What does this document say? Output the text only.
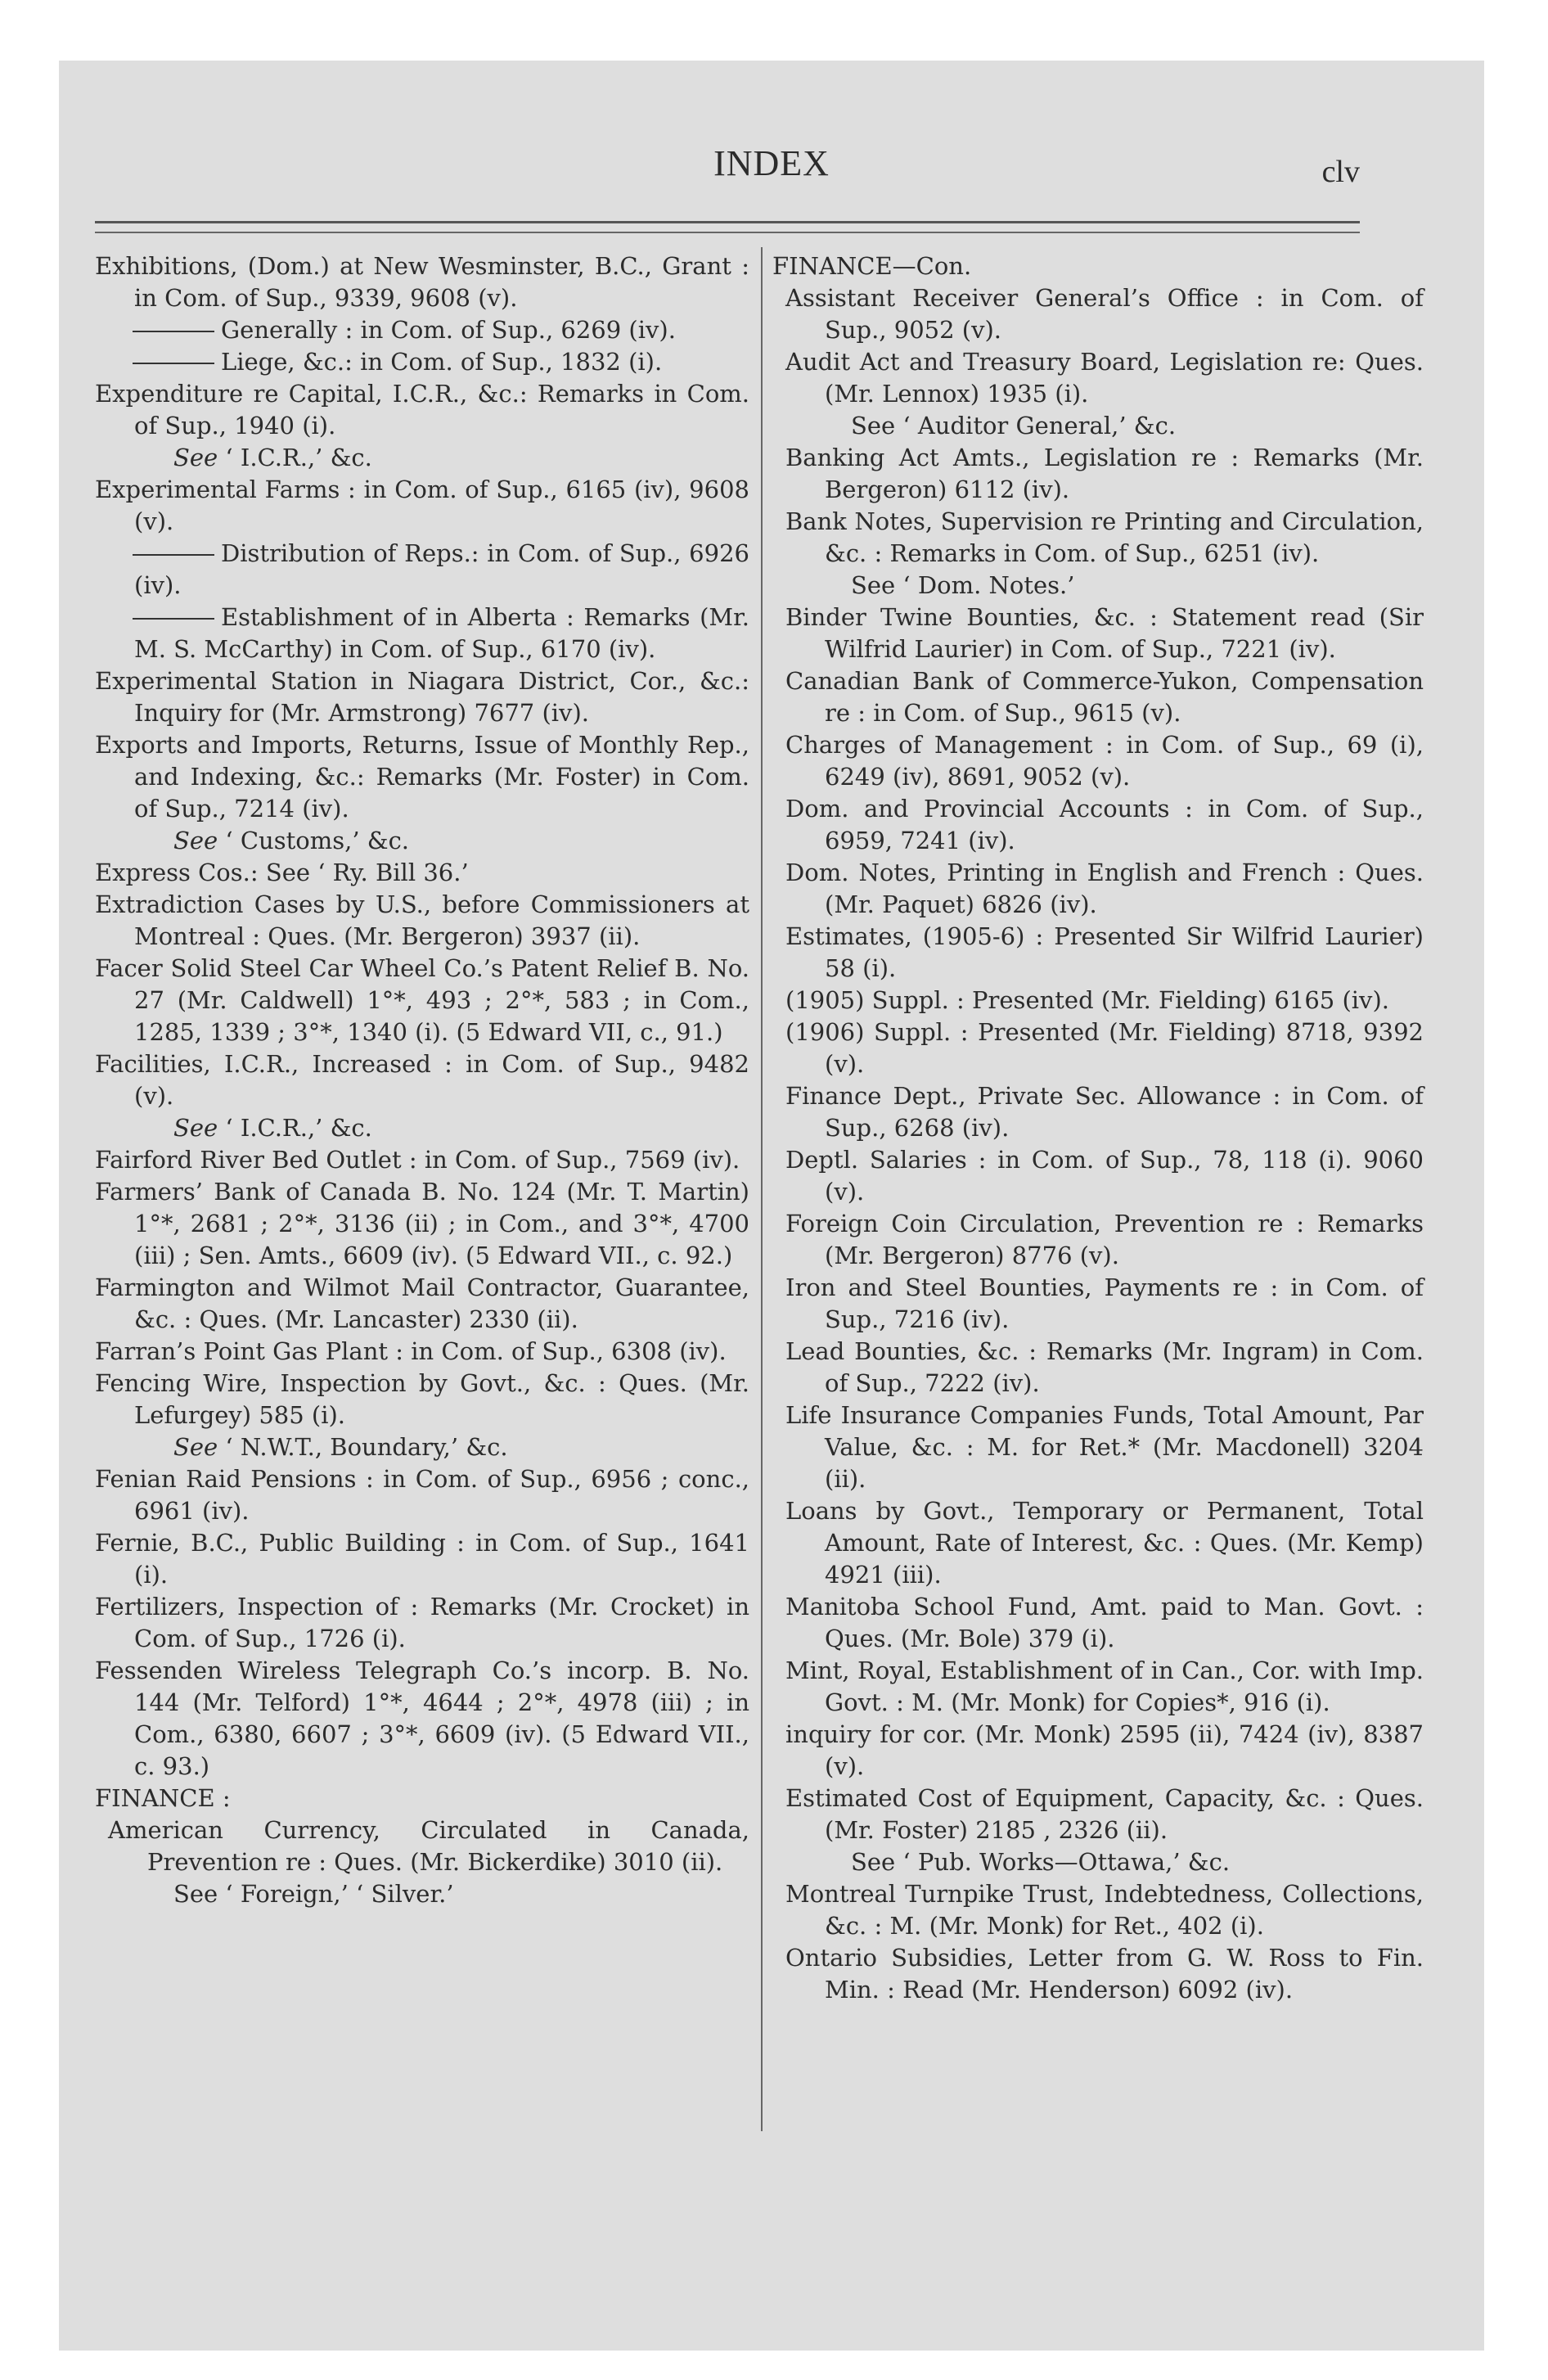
INDEX	clv

Exhibitions, (Dom.) at New Wesminster, B.C., Grant : in Com. of Sup., 9339, 9608 (v).

Generally : in Com. of Sup., 6269 (iv).

Liege, &c.: in Com. of Sup., 1832 (i).

Expenditure re Capital, I.C.R., &c.: Remarks in Com. of Sup., 1940 (i).

See ‘ I.C.R.,’ &c.

Experimental Farms : in Com. of Sup., 6165 (iv), 9608 (v).

Distribution of Reps.: in Com. of Sup., 6926 (iv).

Establishment of in Alberta : Remarks (Mr. M. S. McCarthy) in Com. of Sup., 6170 (iv).

Experimental Station in Niagara District, Cor., &c.: Inquiry for (Mr. Armstrong) 7677 (iv).

Exports and Imports, Returns, Issue of Monthly Rep., and Indexing, &c.: Remarks (Mr. Foster) in Com. of Sup., 7214 (iv).

See ‘ Customs,’ &c.

Express Cos.: See ‘ Ry. Bill 36.’

Extradiction Cases by U.S., before Commissioners at Montreal : Ques. (Mr. Bergeron) 3937 (ii).

Facer Solid Steel Car Wheel Co.’s Patent Relief B. No. 27 (Mr. Caldwell) 1°*, 493 ; 2°*, 583 ; in Com., 1285, 1339 ; 3°*, 1340 (i). (5 Edward VII, c., 91.)

Facilities, I.C.R., Increased : in Com. of Sup., 9482 (v).

See ‘ I.C.R.,’ &c.

Fairford River Bed Outlet : in Com. of Sup., 7569 (iv).

Farmers’ Bank of Canada B. No. 124 (Mr. T. Martin) 1°*, 2681 ; 2°*, 3136 (ii) ; in Com., and 3°*, 4700 (iii) ; Sen. Amts., 6609 (iv). (5 Edward VII., c. 92.)

Farmington and Wilmot Mail Contractor, Guarantee, &c. : Ques. (Mr. Lancaster) 2330 (ii).

Farran’s Point Gas Plant : in Com. of Sup., 6308 (iv).

Fencing Wire, Inspection by Govt., &c. : Ques. (Mr. Lefurgey) 585 (i).

See ‘ N.W.T., Boundary,’ &c.

Fenian Raid Pensions : in Com. of Sup., 6956 ; conc., 6961 (iv).

Fernie, B.C., Public Building : in Com. of Sup., 1641 (i).

Fertilizers, Inspection of : Remarks (Mr. Crocket) in Com. of Sup., 1726 (i).

Fessenden Wireless Telegraph Co.’s incorp. B. No. 144 (Mr. Telford) 1°*, 4644 ; 2°*, 4978 (iii) ; in Com., 6380, 6607 ; 3°*, 6609 (iv). (5 Edward VII., c. 93.)

FINANCE :

American Currency, Circulated in Canada, Prevention re : Ques. (Mr. Bickerdike) 3010 (ii).

See ‘ Foreign,’ ‘ Silver.’

FINANCE—Con.

Assistant Receiver General’s Office : in Com. of Sup., 9052 (v).

Audit Act and Treasury Board, Legislation re: Ques. (Mr. Lennox) 1935 (i).

See ‘ Auditor General,’ &c.

Banking Act Amts., Legislation re : Remarks (Mr. Bergeron) 6112 (iv).

Bank Notes, Supervision re Printing and Circulation, &c. : Remarks in Com. of Sup., 6251 (iv).

See ‘ Dom. Notes.’

Binder Twine Bounties, &c. : Statement read (Sir Wilfrid Laurier) in Com. of Sup., 7221 (iv).

Canadian Bank of Commerce-Yukon, Compensation re : in Com. of Sup., 9615 (v).

Charges of Management : in Com. of Sup., 69 (i), 6249 (iv), 8691, 9052 (v).

Dom. and Provincial Accounts : in Com. of Sup., 6959, 7241 (iv).

Dom. Notes, Printing in English and French : Ques. (Mr. Paquet) 6826 (iv).

Estimates, (1905-6) : Presented Sir Wilfrid Laurier) 58 (i).

(1905) Suppl. : Presented (Mr. Fielding) 6165 (iv).

(1906) Suppl. : Presented (Mr. Fielding) 8718, 9392 (v).

Finance Dept., Private Sec. Allowance : in Com. of Sup., 6268 (iv).

Deptl. Salaries : in Com. of Sup., 78, 118 (i). 9060 (v).

Foreign Coin Circulation, Prevention re : Remarks (Mr. Bergeron) 8776 (v).

Iron and Steel Bounties, Payments re : in Com. of Sup., 7216 (iv).

Lead Bounties, &c. : Remarks (Mr. Ingram) in Com. of Sup., 7222 (iv).

Life Insurance Companies Funds, Total Amount, Par Value, &c. : M. for Ret.* (Mr. Macdonell) 3204 (ii).

Loans by Govt., Temporary or Permanent, Total Amount, Rate of Interest, &c. : Ques. (Mr. Kemp) 4921 (iii).

Manitoba School Fund, Amt. paid to Man. Govt. : Ques. (Mr. Bole) 379 (i).

Mint, Royal, Establishment of in Can., Cor. with Imp. Govt. : M. (Mr. Monk) for Copies*, 916 (i).

inquiry for cor. (Mr. Monk) 2595 (ii), 7424 (iv), 8387 (v).

Estimated Cost of Equipment, Capacity, &c. : Ques. (Mr. Foster) 2185 , 2326 (ii).

See ‘ Pub. Works—Ottawa,’ &c.

Montreal Turnpike Trust, Indebtedness, Collections, &c. : M. (Mr. Monk) for Ret., 402 (i).

Ontario Subsidies, Letter from G. W. Ross to Fin. Min. : Read (Mr. Henderson) 6092 (iv).
